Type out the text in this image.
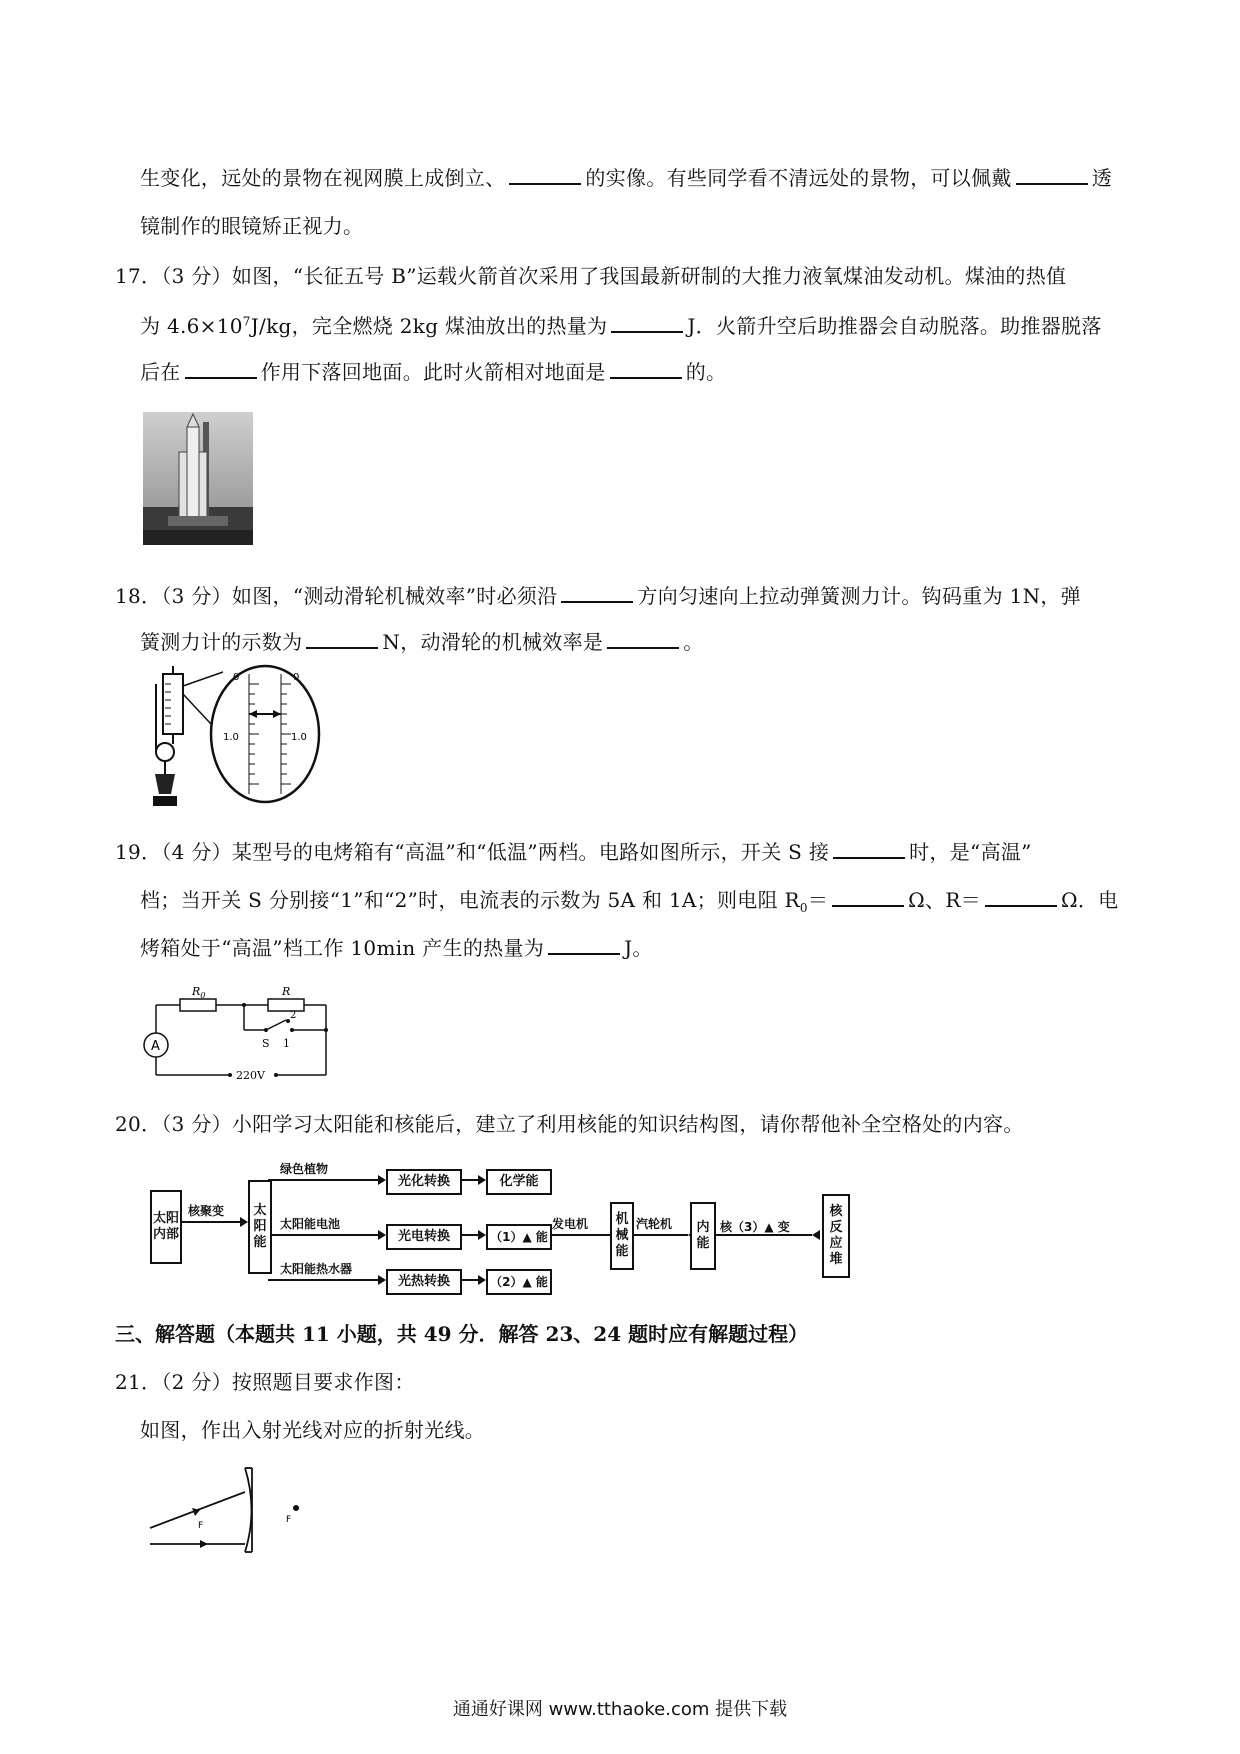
生变化，远处的景物在视网膜上成倒立、	的实像。有些同学看不清远处的景物，可以佩戴	透
镜制作的眼镜矫正视力。
17．（3 分）如图，“长征五号 B”运载火箭首次采用了我国最新研制的大推力液氧煤油发动机。煤油的热值
为 $4.6\times 10^7J/kg$，完全燃烧 2kg 煤油放出的热量为	J．火箭升空后助推器会自动脱落。助推器脱落
后在	作用下落回地面。此时火箭相对地面是	的。
18．（3 分）如图，“测动滑轮机械效率”时必须沿	方向匀速向上拉动弹簧测力计。钩码重为 1N，弹
簧测力计的示数为	N，动滑轮的机械效率是	。
0	0
1.0	1.0
19．（4 分）某型号的电烤箱有“高温”和“低温”两档。电路如图所示，开关 S 接	时，是“高温”
档；当开关 S 分别接“1”和“2”时，电流表的示数为 5A 和 1A；则电阻 $R_0=$	Ω、R＝	Ω．电
烤箱处于“高温”档工作 10min 产生的热量为	J。
$R_0$	R
A	S 1
2
220V
20．（3 分）小阳学习太阳能和核能后，建立了利用核能的知识结构图，请你帮他补全空格处的内容。
太阳内部
核聚变	太阳能
绿色植物
太阳能电池
太阳能热水器
光化转换
光电转换
光热转换
化学能
（1）▲ 能
（2）▲ 能
发电机	机械能
汽轮机	内能
核（3）▲ 变
核反应堆
三、解答题（本题共 11 小题，共 49 分．解答 23、24 题时应有解题过程）
21．（2 分）按照题目要求作图：
如图，作出入射光线对应的折射光线。
F
F
通通好课网 www.tthaoke.com 提供下载
